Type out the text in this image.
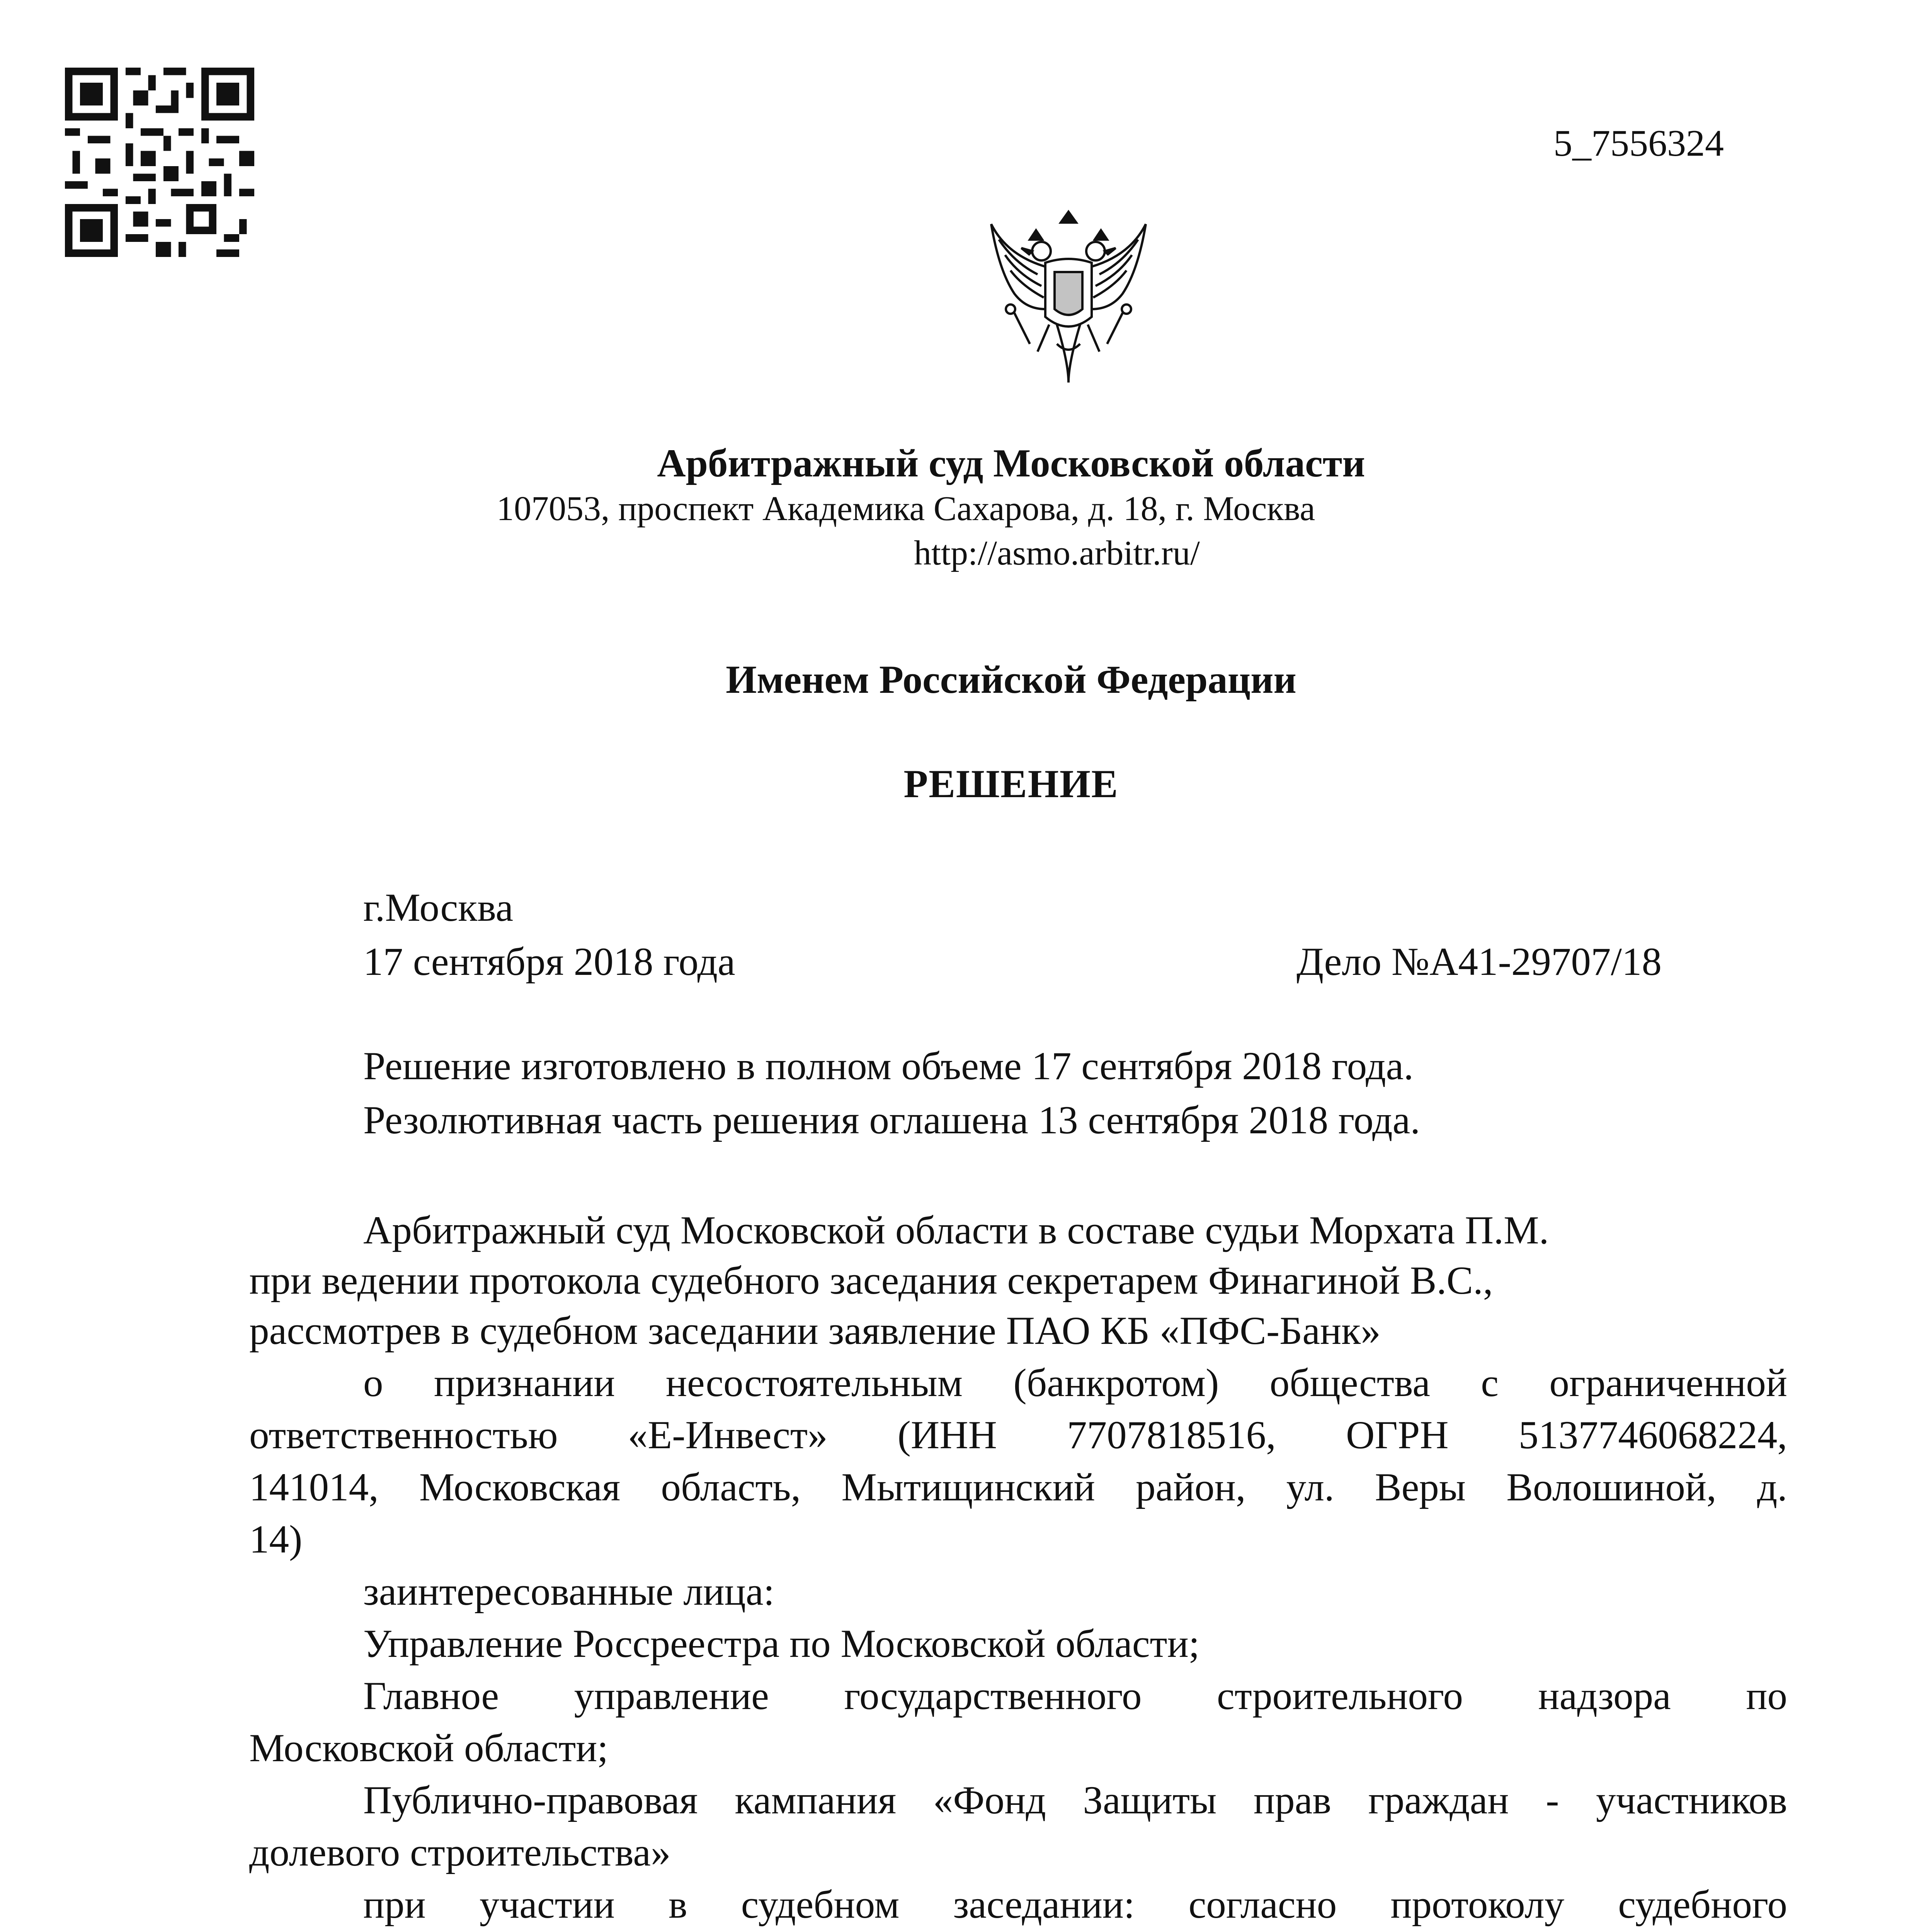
5_7556324
Арбитражный суд Московской области
107053, проспект Академика Сахарова, д. 18, г. Москва
http://asmo.arbitr.ru/
Именем Российской Федерации
РЕШЕНИЕ
г.Москва
17 сентября 2018 года	Дело №А41-29707/18
Решение изготовлено в полном объеме 17 сентября 2018 года.
Резолютивная часть решения оглашена 13 сентября 2018 года.
Арбитражный суд Московской области в составе судьи Морхата П.М.
при ведении протокола судебного заседания секретарем Финагиной В.С.,
рассмотрев в судебном заседании заявление ПАО КБ «ПФС-Банк»
о признании несостоятельным (банкротом) общества с ограниченной
ответственностью «Е-Инвест» (ИНН 7707818516, ОГРН 5137746068224,
141014, Московская область, Мытищинский район, ул. Веры Волошиной, д.
14)
заинтересованные лица:
Управление Россреестра по Московской области;
Главное управление государственного строительного надзора по
Московской области;
Публично-правовая кампания «Фонд Защиты прав граждан - участников
долевого строительства»
при участии в судебном заседании: согласно протоколу судебного
